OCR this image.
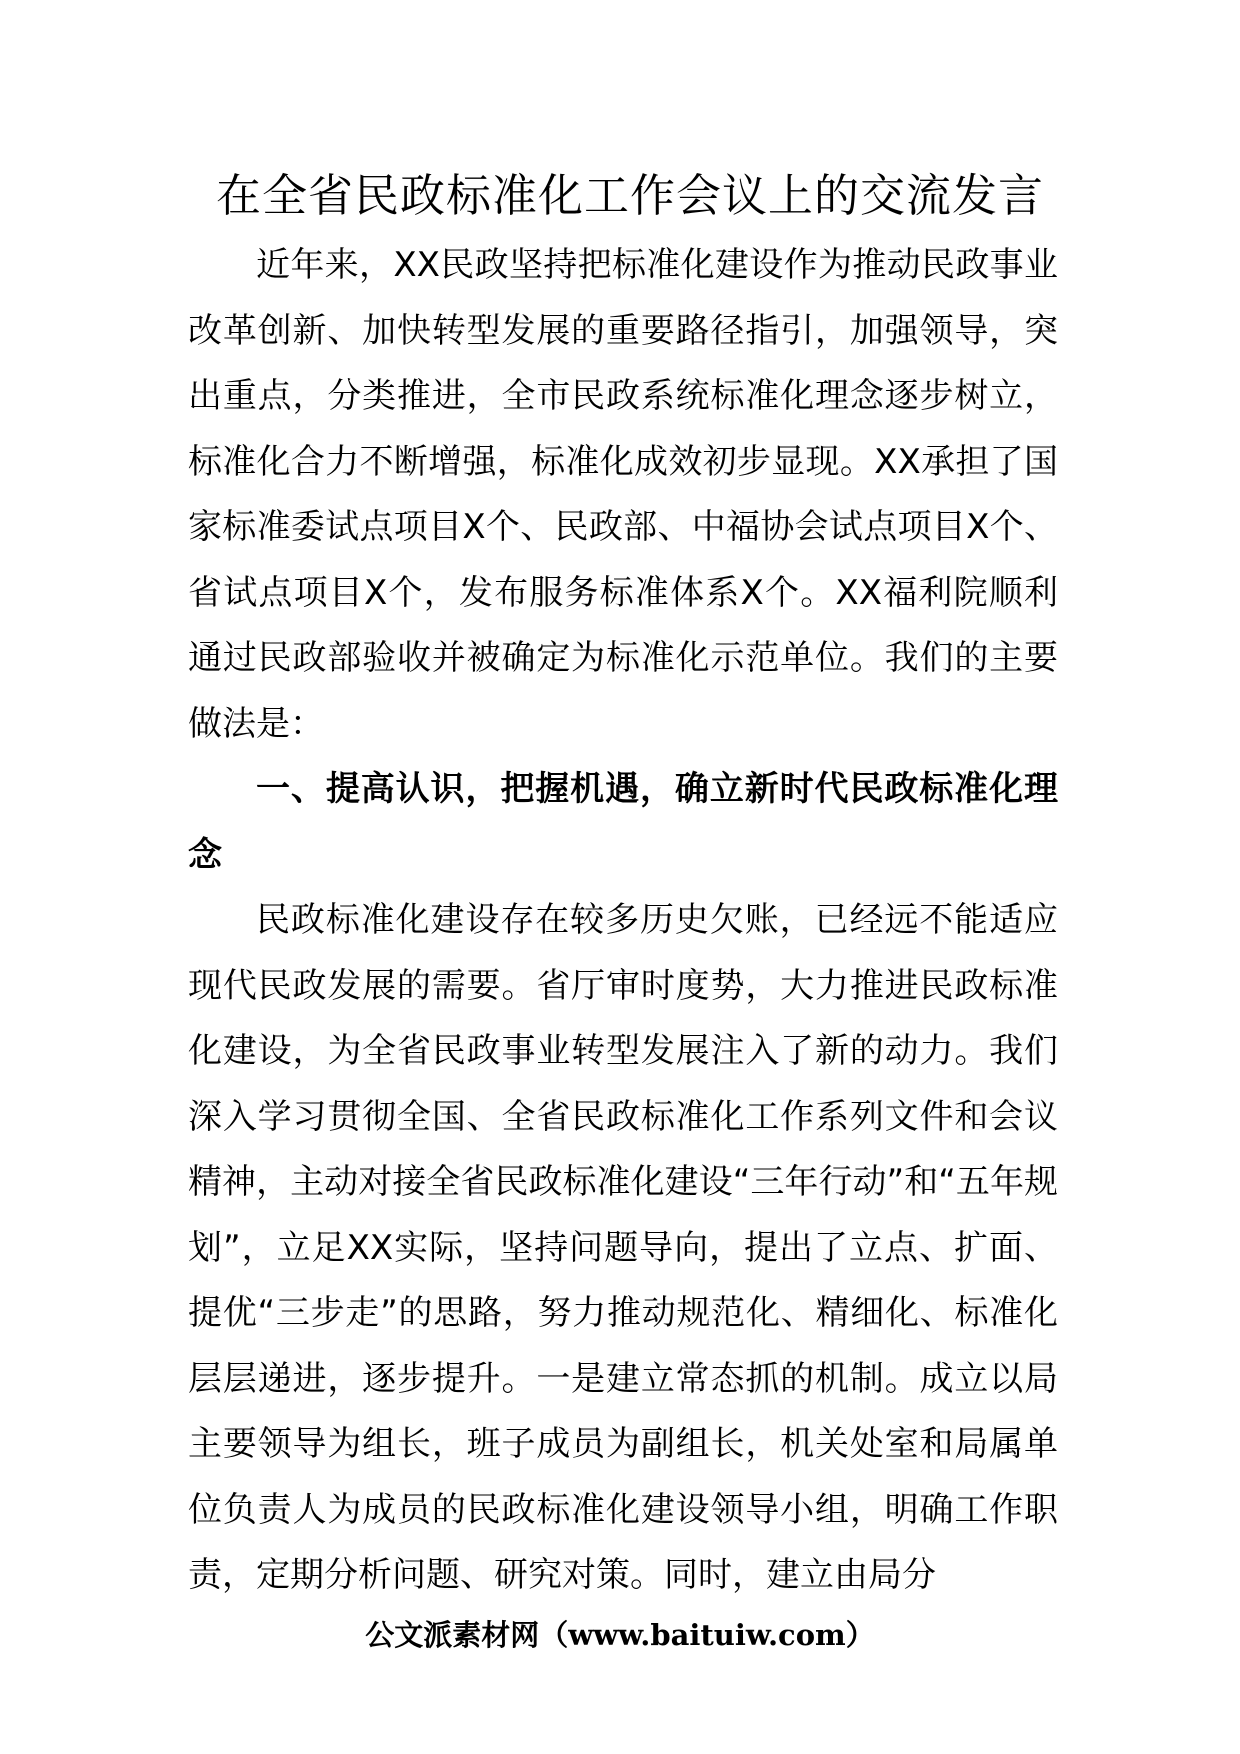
在全省民政标准化工作会议上的交流发言

近年来，XX民政坚持把标准化建设作为推动民政事业改革创新、加快转型发展的重要路径指引，加强领导，突出重点，分类推进，全市民政系统标准化理念逐步树立，标准化合力不断增强，标准化成效初步显现。XX承担了国家标准委试点项目X个、民政部、中福协会试点项目X个、省试点项目X个，发布服务标准体系X个。XX福利院顺利通过民政部验收并被确定为标准化示范单位。我们的主要做法是：

一、提高认识，把握机遇，确立新时代民政标准化理念

民政标准化建设存在较多历史欠账，已经远不能适应现代民政发展的需要。省厅审时度势，大力推进民政标准化建设，为全省民政事业转型发展注入了新的动力。我们深入学习贯彻全国、全省民政标准化工作系列文件和会议精神，主动对接全省民政标准化建设“三年行动”和“五年规划”，立足XX实际，坚持问题导向，提出了立点、扩面、提优“三步走”的思路，努力推动规范化、精细化、标准化层层递进，逐步提升。一是建立常态抓的机制。成立以局主要领导为组长，班子成员为副组长，机关处室和局属单位负责人为成员的民政标准化建设领导小组，明确工作职责，定期分析问题、研究对策。同时，建立由局分

公文派素材网（www.baituiw.com）
